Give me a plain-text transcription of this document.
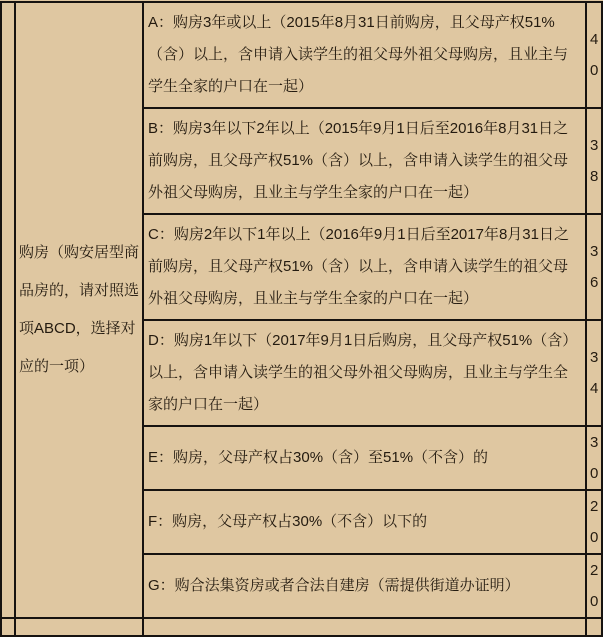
	购房（购安居型商品房的，请对照选项ABCD，选择对应的一项）	A：购房3年或以上（2015年8月31日前购房，且父母产权51%（含）以上，含申请入读学生的祖父母外祖父母购房，且业主与学生全家的户口在一起）	40
		B：购房3年以下2年以上（2015年9月1日后至2016年8月31日之前购房，且父母产权51%（含）以上，含申请入读学生的祖父母外祖父母购房，且业主与学生全家的户口在一起）	38
		C：购房2年以下1年以上（2016年9月1日后至2017年8月31日之前购房，且父母产权51%（含）以上，含申请入读学生的祖父母外祖父母购房，且业主与学生全家的户口在一起）	36
		D：购房1年以下（2017年9月1日后购房，且父母产权51%（含）以上，含申请入读学生的祖父母外祖父母购房，且业主与学生全家的户口在一起）	34
		E：购房，父母产权占30%（含）至51%（不含）的	30
		F：购房，父母产权占30%（不含）以下的	20
		G：购合法集资房或者合法自建房（需提供街道办证明）	20
